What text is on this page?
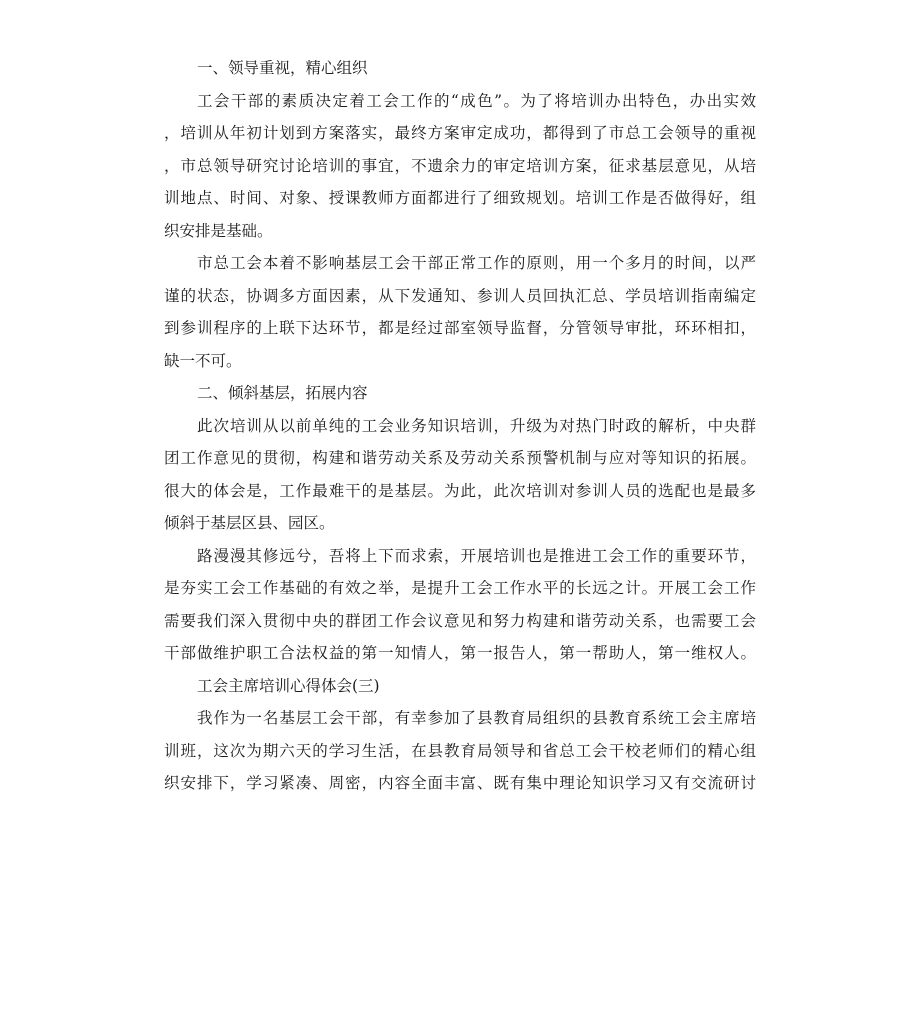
一、领导重视，精心组织
工会干部的素质决定着工会工作的“成色”。为了将培训办出特色，办出实效
，培训从年初计划到方案落实，最终方案审定成功，都得到了市总工会领导的重视
，市总领导研究讨论培训的事宜，不遗余力的审定培训方案，征求基层意见，从培
训地点、时间、对象、授课教师方面都进行了细致规划。培训工作是否做得好，组
织安排是基础。
市总工会本着不影响基层工会干部正常工作的原则，用一个多月的时间，以严
谨的状态，协调多方面因素，从下发通知、参训人员回执汇总、学员培训指南编定
到参训程序的上联下达环节，都是经过部室领导监督，分管领导审批，环环相扣，
缺一不可。
二、倾斜基层，拓展内容
此次培训从以前单纯的工会业务知识培训，升级为对热门时政的解析，中央群
团工作意见的贯彻，构建和谐劳动关系及劳动关系预警机制与应对等知识的拓展。
很大的体会是，工作最难干的是基层。为此，此次培训对参训人员的选配也是最多
倾斜于基层区县、园区。
路漫漫其修远兮，吾将上下而求索，开展培训也是推进工会工作的重要环节，
是夯实工会工作基础的有效之举，是提升工会工作水平的长远之计。开展工会工作
需要我们深入贯彻中央的群团工作会议意见和努力构建和谐劳动关系，也需要工会
干部做维护职工合法权益的第一知情人，第一报告人，第一帮助人，第一维权人。
工会主席培训心得体会(三)
我作为一名基层工会干部，有幸参加了县教育局组织的县教育系统工会主席培
训班，这次为期六天的学习生活，在县教育局领导和省总工会干校老师们的精心组
织安排下，学习紧凑、周密，内容全面丰富、既有集中理论知识学习又有交流研讨
